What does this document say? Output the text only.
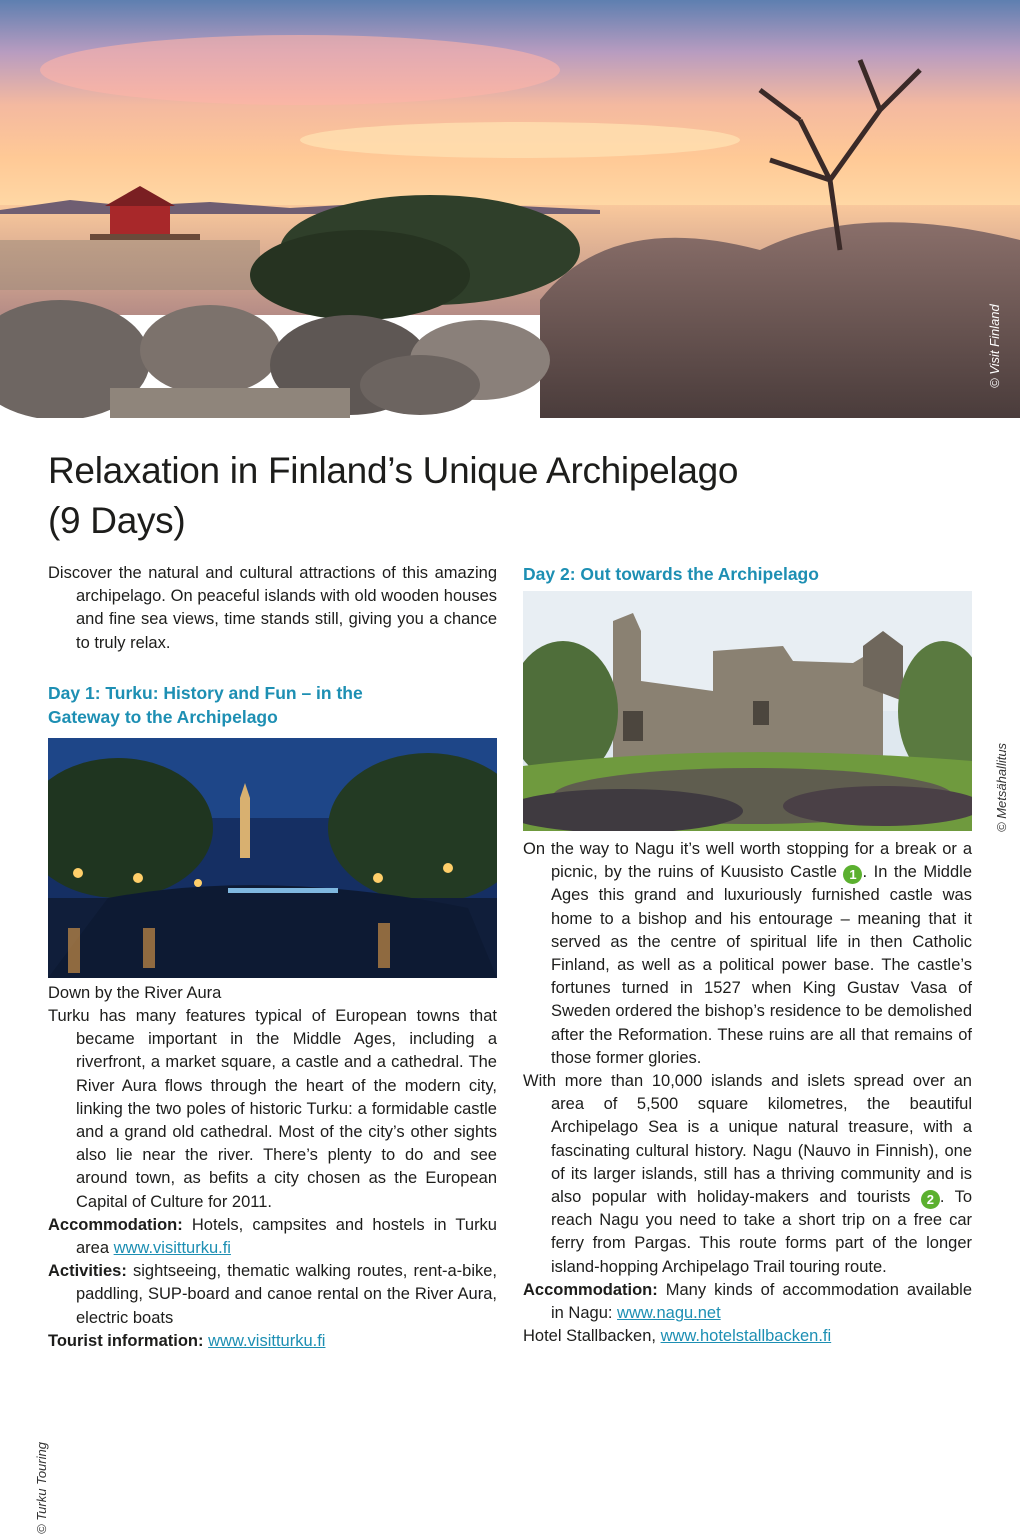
© Visit Finland
Relaxation in Finland’s Unique Archipelago
(9 Days)

Discover the natural and cultural attractions of this amazing archipelago. On peaceful islands with old wooden houses and fine sea views, time stands still, giving you a chance to truly relax.

Day 1: Turku: History and Fun – in the
Gateway to the Archipelago
© Turku Touring

Down by the River Aura

Turku has many features typical of European towns that became important in the Middle Ages, including a riverfront, a market square, a castle and a cathedral. The River Aura flows through the heart of the modern city, linking the two poles of historic Turku: a formidable castle and a grand old cathedral. Most of the city’s other sights also lie near the river. There’s plenty to do and see around town, as befits a city chosen as the European Capital of Culture for 2011.

Accommodation: Hotels, campsites and hostels in Turku area www.visitturku.fi

Activities: sightseeing, thematic walking routes, rent-a-bike, paddling, SUP-board and canoe rental on the River Aura, electric boats

Tourist information: www.visitturku.fi

Day 2: Out towards the Archipelago
© Metsähallitus

On the way to Nagu it’s well worth stopping for a break or a picnic, by the ruins of Kuusisto Castle 1 . In the Middle Ages this grand and luxuriously furnished castle was home to a bishop and his entourage – meaning that it served as the centre of spiritual life in then Catholic Finland, as well as a political power base. The castle’s fortunes turned in 1527 when King Gustav Vasa of Sweden ordered the bishop’s residence to be demolished after the Reformation. These ruins are all that remains of those former glories.

With more than 10,000 islands and islets spread over an area of 5,500 square kilometres, the beautiful Archipelago Sea is a unique natural treasure, with a fascinating cultural history. Nagu (Nauvo in Finnish), one of its larger islands, still has a thriving community and is also popular with holiday-makers and tourists 2 . To reach Nagu you need to take a short trip on a free car ferry from Pargas. This route forms part of the longer island-hopping Archipelago Trail touring route.

Accommodation: Many kinds of accommodation available in Nagu: www.nagu.net

Hotel Stallbacken, www.hotelstallbacken.fi
